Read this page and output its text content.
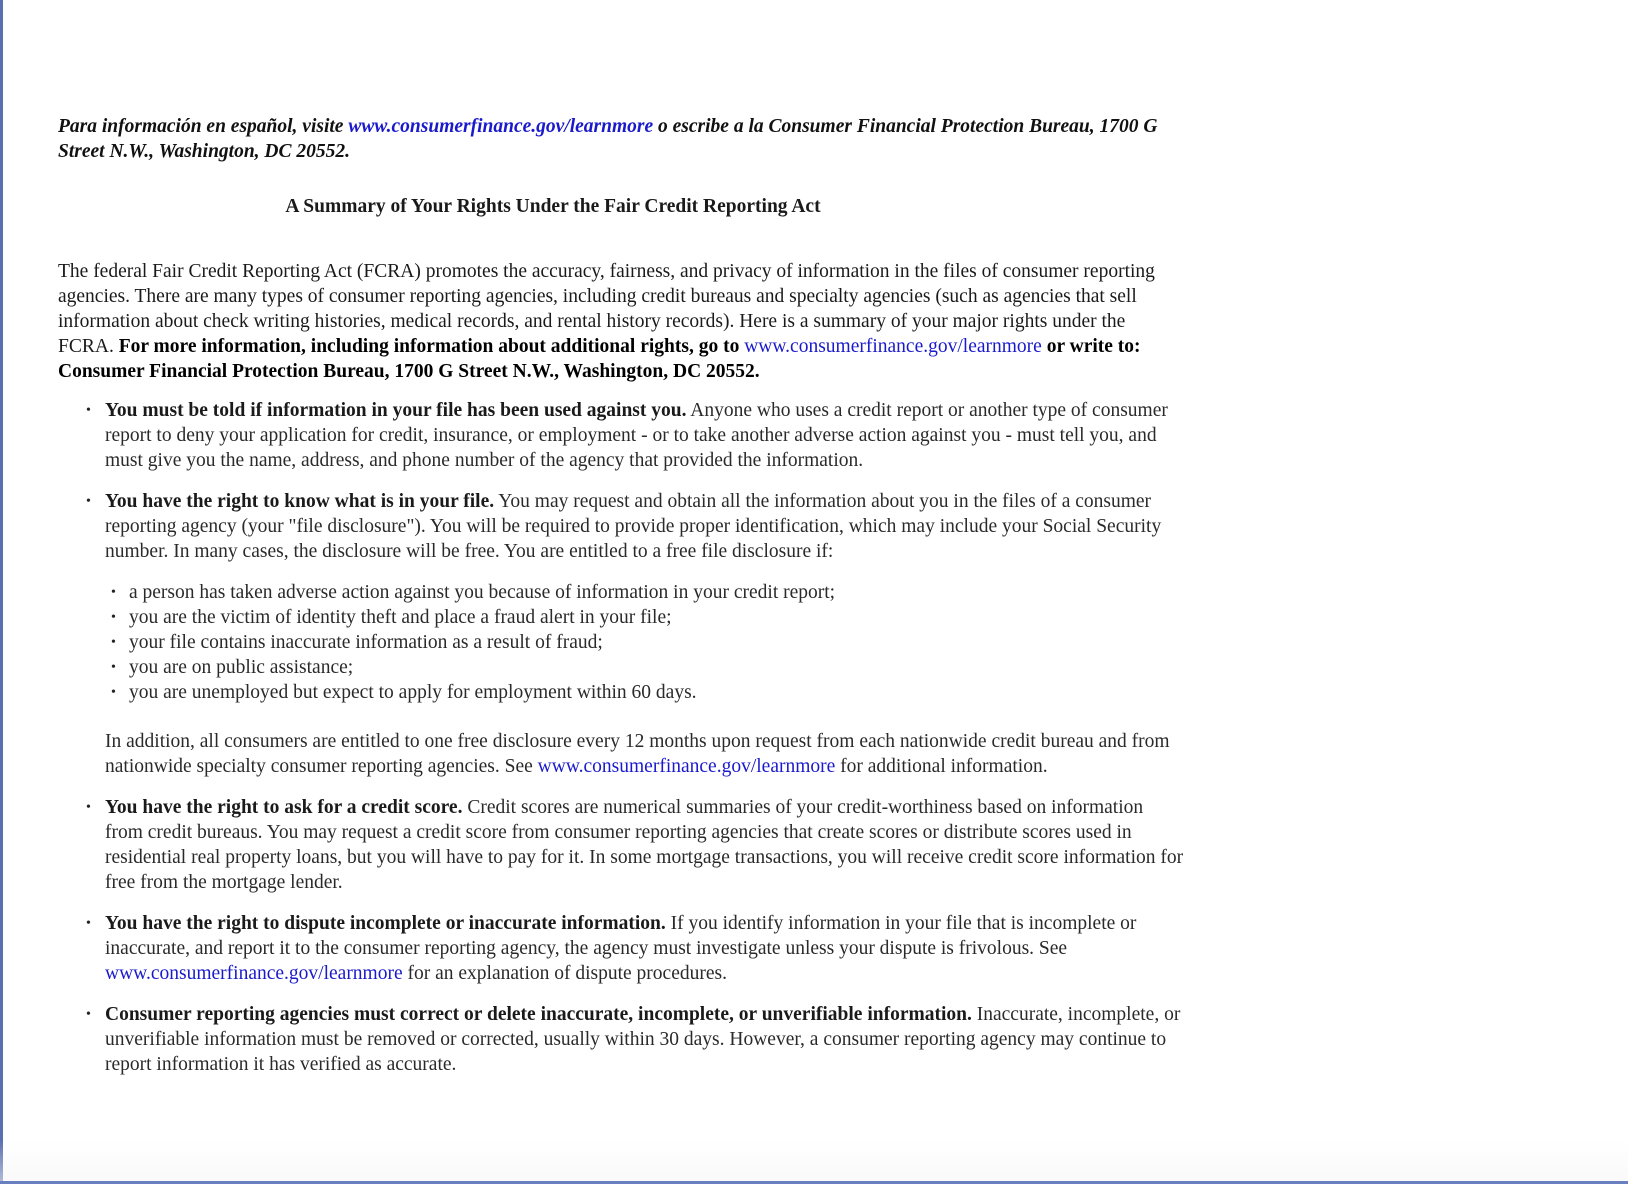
Para información en español, visite www.consumerfinance.gov/learnmore o escribe a la Consumer Financial Protection Bureau, 1700 G Street N.W., Washington, DC 20552.

A Summary of Your Rights Under the Fair Credit Reporting Act

The federal Fair Credit Reporting Act (FCRA) promotes the accuracy, fairness, and privacy of information in the files of consumer reporting agencies. There are many types of consumer reporting agencies, including credit bureaus and specialty agencies (such as agencies that sell information about check writing histories, medical records, and rental history records). Here is a summary of your major rights under the FCRA. For more information, including information about additional rights, go to www.consumerfinance.gov/learnmore or write to: Consumer Financial Protection Bureau, 1700 G Street N.W., Washington, DC 20552.

• You must be told if information in your file has been used against you. Anyone who uses a credit report or another type of consumer report to deny your application for credit, insurance, or employment - or to take another adverse action against you - must tell you, and must give you the name, address, and phone number of the agency that provided the information.
• You have the right to know what is in your file. You may request and obtain all the information about you in the files of a consumer reporting agency (your "file disclosure"). You will be required to provide proper identification, which may include your Social Security number. In many cases, the disclosure will be free. You are entitled to a free file disclosure if:
• a person has taken adverse action against you because of information in your credit report;
• you are the victim of identity theft and place a fraud alert in your file;
• your file contains inaccurate information as a result of fraud;
• you are on public assistance;
• you are unemployed but expect to apply for employment within 60 days.

In addition, all consumers are entitled to one free disclosure every 12 months upon request from each nationwide credit bureau and from nationwide specialty consumer reporting agencies. See www.consumerfinance.gov/learnmore for additional information.

• You have the right to ask for a credit score. Credit scores are numerical summaries of your credit-worthiness based on information from credit bureaus. You may request a credit score from consumer reporting agencies that create scores or distribute scores used in residential real property loans, but you will have to pay for it. In some mortgage transactions, you will receive credit score information for free from the mortgage lender.
• You have the right to dispute incomplete or inaccurate information. If you identify information in your file that is incomplete or inaccurate, and report it to the consumer reporting agency, the agency must investigate unless your dispute is frivolous. See www.consumerfinance.gov/learnmore for an explanation of dispute procedures.
• Consumer reporting agencies must correct or delete inaccurate, incomplete, or unverifiable information. Inaccurate, incomplete, or unverifiable information must be removed or corrected, usually within 30 days. However, a consumer reporting agency may continue to report information it has verified as accurate.
